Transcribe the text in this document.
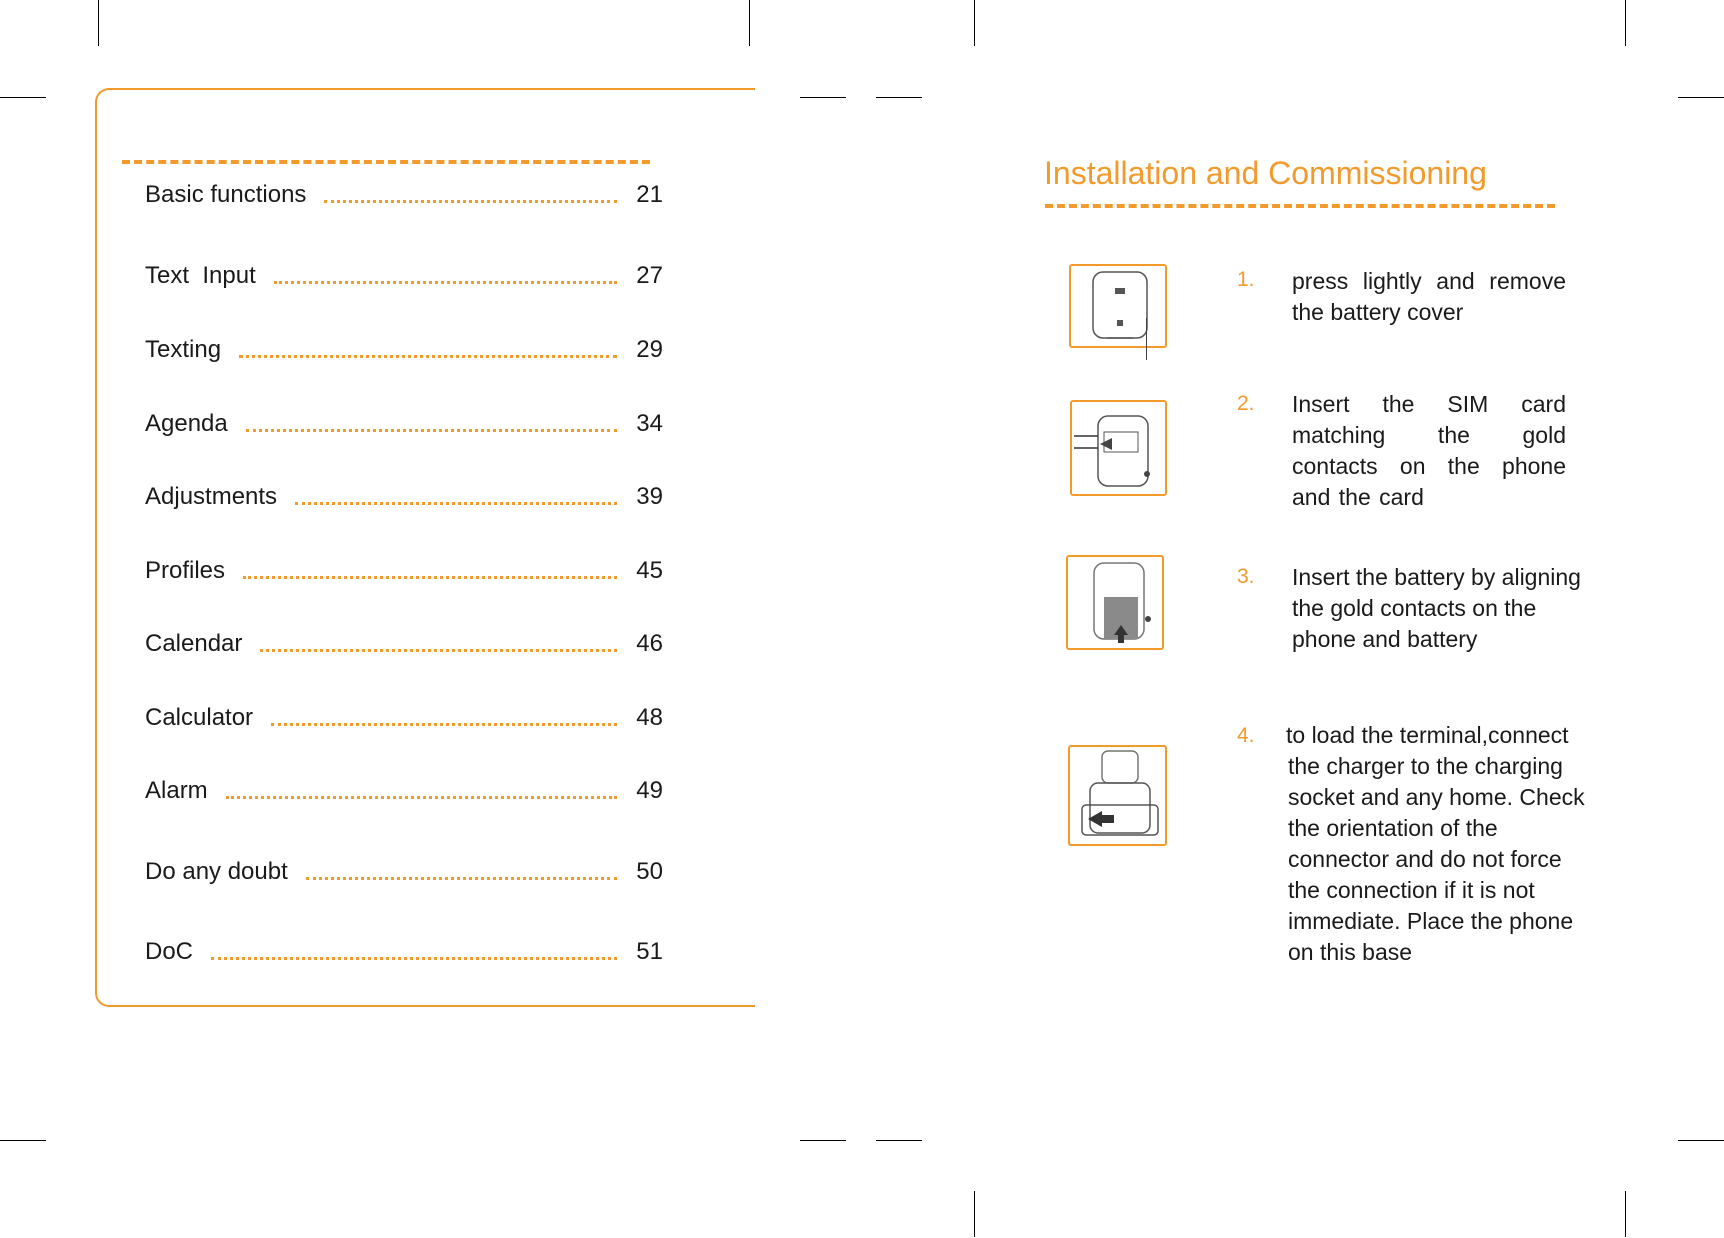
Basic functions	21
Text  Input	27
Texting	29
Agenda	34
Adjustments	39
Profiles	45
Calendar	46
Calculator	48
Alarm	49
Do any doubt	50
DoC	51
Installation and Commissioning
1. press lightly and remove the battery cover
2. Insert the SIM card matching the gold contacts on the phone and the card
3. Insert the battery by aligning the gold contacts on the phone and battery
4. to load the terminal,connect the charger to the charging socket and any home. Check the orientation of the connector and do not force the connection if it is not immediate. Place the phone on this base
